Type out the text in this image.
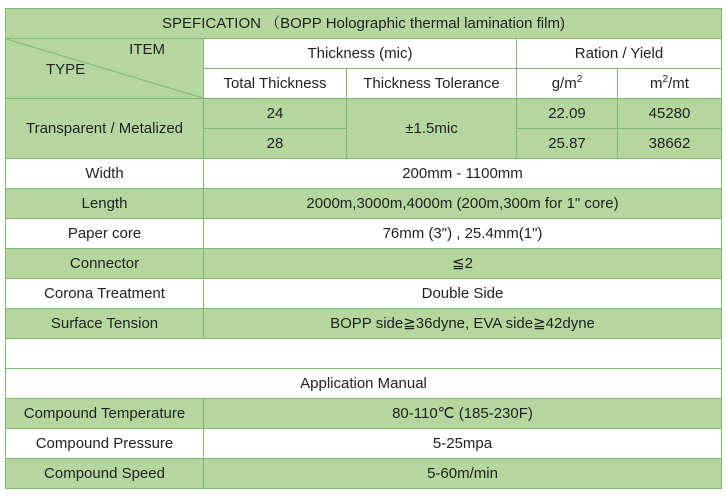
SPEFICATION （BOPP Holographic thermal lamination film)				

ITEM
TYPE	Thickness (mic)		Ration / Yield	
	Total Thickness	Thickness Tolerance	$g/m^2$	$m^2/mt$
Transparent / Metalized	24	±1.5mic	22.09	45280
	28		25.87	38662
Width	200mm - 1100mm			
Length	2000m,3000m,4000m (200m,300m for 1" core)			
Paper core	76mm (3") , 25.4mm(1")			
Connector	≦2			
Corona Treatment	Double Side			
Surface Tension	BOPP side≧36dyne, EVA side≧42dyne			

Application Manual				
Compound Temperature	80-110℃ (185-230F)			
Compound Pressure	5-25mpa			
Compound Speed	5-60m/min			
